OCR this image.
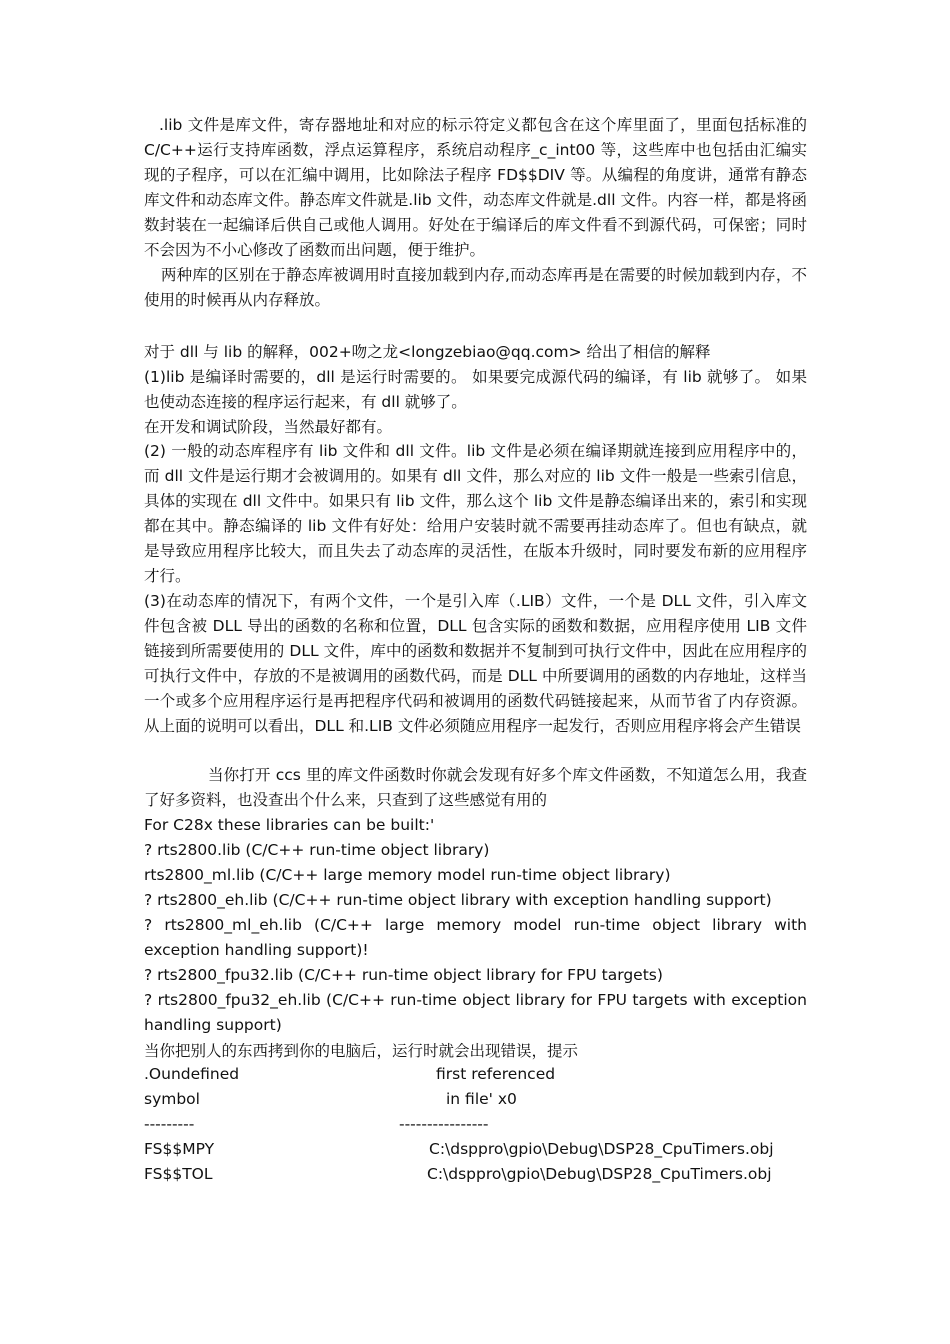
.lib 文件是库文件，寄存器地址和对应的标示符定义都包含在这个库里面了，里面包括标准的 C/C++运行支持库函数，浮点运算程序，系统启动程序_c_int00 等，这些库中也包括由汇编实现的子程序，可以在汇编中调用，比如除法子程序 FD$$DIV 等。从编程的角度讲，通常有静态库文件和动态库文件。静态库文件就是.lib 文件，动态库文件就是.dll 文件。内容一样，都是将函数封装在一起编译后供自己或他人调用。好处在于编译后的库文件看不到源代码，可保密；同时不会因为不小心修改了函数而出问题，便于维护。

两种库的区别在于静态库被调用时直接加载到内存,而动态库再是在需要的时候加载到内存，不使用的时候再从内存释放。

对于 dll 与 lib 的解释，002+吻之龙<longzebiao@qq.com> 给出了相信的解释

(1)lib 是编译时需要的，dll 是运行时需要的。 如果要完成源代码的编译，有 lib 就够了。 如果也使动态连接的程序运行起来，有 dll 就够了。

在开发和调试阶段，当然最好都有。

(2) 一般的动态库程序有 lib 文件和 dll 文件。lib 文件是必须在编译期就连接到应用程序中的，而 dll 文件是运行期才会被调用的。如果有 dll 文件，那么对应的 lib 文件一般是一些索引信息，具体的实现在 dll 文件中。如果只有 lib 文件，那么这个 lib 文件是静态编译出来的，索引和实现都在其中。静态编译的 lib 文件有好处：给用户安装时就不需要再挂动态库了。但也有缺点，就是导致应用程序比较大，而且失去了动态库的灵活性，在版本升级时，同时要发布新的应用程序才行。

(3)在动态库的情况下，有两个文件，一个是引入库（.LIB）文件，一个是 DLL 文件，引入库文件包含被 DLL 导出的函数的名称和位置，DLL 包含实际的函数和数据，应用程序使用 LIB 文件链接到所需要使用的 DLL 文件，库中的函数和数据并不复制到可执行文件中，因此在应用程序的可执行文件中，存放的不是被调用的函数代码，而是 DLL 中所要调用的函数的内存地址，这样当一个或多个应用程序运行是再把程序代码和被调用的函数代码链接起来，从而节省了内存资源。从上面的说明可以看出，DLL 和.LIB 文件必须随应用程序一起发行，否则应用程序将会产生错误

当你打开 ccs 里的库文件函数时你就会发现有好多个库文件函数，不知道怎么用，我查了好多资料，也没查出个什么来，只查到了这些感觉有用的

For C28x these libraries can be built:'

? rts2800.lib (C/C++ run-time object library)

rts2800_ml.lib (C/C++ large memory model run-time object library)

? rts2800_eh.lib (C/C++ run-time object library with exception handling support)

? rts2800_ml_eh.lib (C/C++ large memory model run-time object library with exception handling support)!

? rts2800_fpu32.lib (C/C++ run-time object library for FPU targets)

? rts2800_fpu32_eh.lib (C/C++ run-time object library for FPU targets with exception handling support)

当你把别人的东西拷到你的电脑后，运行时就会出现错误，提示

.Oundefined	first referenced
symbol	in file' x0
---------	----------------
FS$$MPY	C:\dsppro\gpio\Debug\DSP28_CpuTimers.obj
FS$$TOL	C:\dsppro\gpio\Debug\DSP28_CpuTimers.obj
